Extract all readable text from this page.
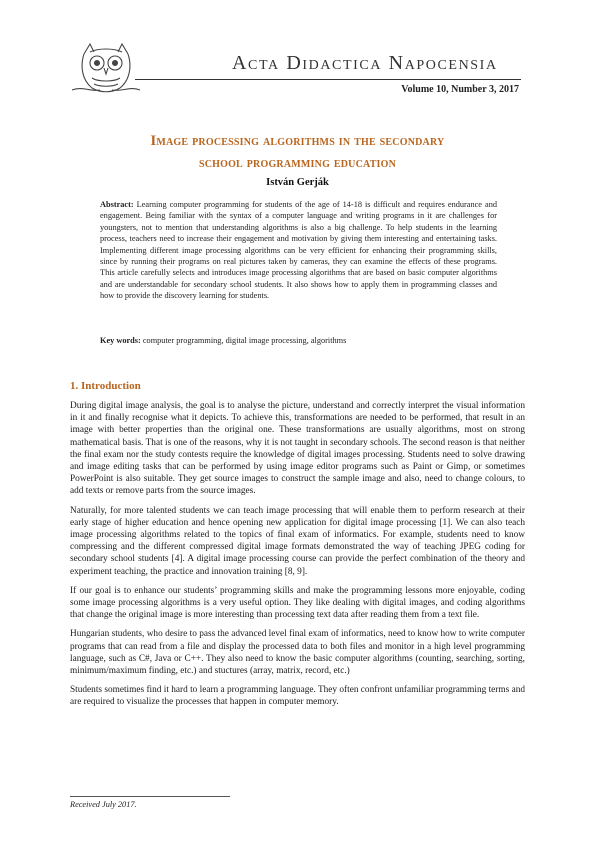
Acta Didactica Napocensia
Volume 10, Number 3, 2017
Image processing algorithms in the secondary
school programming education
István Gerják
Abstract: Learning computer programming for students of the age of 14-18 is difficult and requires endurance and engagement. Being familiar with the syntax of a computer language and writing programs in it are challenges for youngsters, not to mention that understanding algorithms is also a big challenge. To help students in the learning process, teachers need to increase their engagement and motivation by giving them interesting and entertaining tasks. Implementing different image processing algorithms can be very efficient for enhancing their programming skills, since by running their programs on real pictures taken by cameras, they can examine the effects of these programs. This article carefully selects and introduces image processing algorithms that are based on basic computer algorithms and are understandable for secondary school students. It also shows how to apply them in programming classes and how to provide the discovery learning for students.
Key words: computer programming, digital image processing, algorithms
1. Introduction

During digital image analysis, the goal is to analyse the picture, understand and correctly interpret the visual information in it and finally recognise what it depicts. To achieve this, transformations are needed to be performed, that result in an image with better properties than the original one. These transformations are usually algorithms, most on strong mathematical basis. That is one of the reasons, why it is not taught in secondary schools. The second reason is that neither the final exam nor the study contests require the knowledge of digital images processing. Students need to solve drawing and image editing tasks that can be performed by using image editor programs such as Paint or Gimp, or sometimes PowerPoint is also suitable. They get source images to construct the sample image and also, need to change colours, to add texts or remove parts from the source images.

Naturally, for more talented students we can teach image processing that will enable them to perform research at their early stage of higher education and hence opening new application for digital image processing [1]. We can also teach image processing algorithms related to the topics of final exam of informatics. For example, students need to know compressing and the different compressed digital image formats demonstrated the way of teaching JPEG coding for secondary school students [4]. A digital image processing course can provide the perfect combination of the theory and experiment teaching, the practice and innovation training [8, 9].

If our goal is to enhance our students’ programming skills and make the programming lessons more enjoyable, coding some image processing algorithms is a very useful option. They like dealing with digital images, and coding algorithms that change the original image is more interesting than processing text data after reading them from a text file.

Hungarian students, who desire to pass the advanced level final exam of informatics, need to know how to write computer programs that can read from a file and display the processed data to both files and monitor in a high level programming language, such as C#, Java or C++. They also need to know the basic computer algorithms (counting, searching, sorting, minimum/maximum finding, etc.) and stuctures (array, matrix, record, etc.)

Students sometimes find it hard to learn a programming language. They often confront unfamiliar programming terms and are required to visualize the processes that happen in computer memory.

Received July 2017.
